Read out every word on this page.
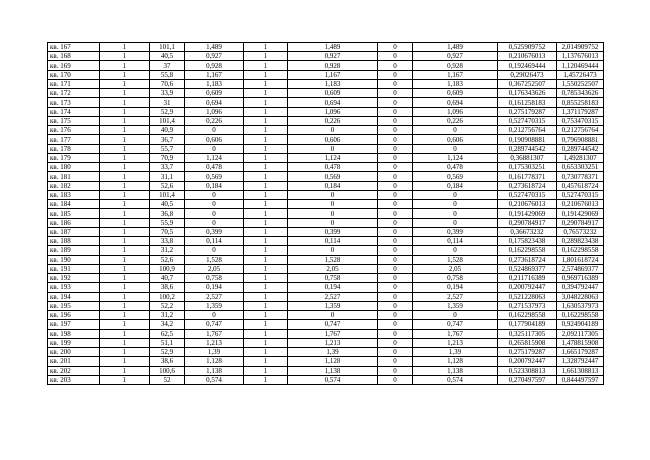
кв. 167	1	101,1	1,489	1	1,489	0	1,489	0,525909752	2,014909752
кв. 168	1	40,5	0,927	1	0,927	0	0,927	0,210676013	1,137676013
кв. 169	1	37	0,928	1	0,928	0	0,928	0,192469444	1,120469444
кв. 170	1	55,8	1,167	1	1,167	0	1,167	0,29026473	1,45726473
кв. 171	1	70,6	1,183	1	1,183	0	1,183	0,367252507	1,550252507
кв. 172	1	33,9	0,609	1	0,609	0	0,609	0,176343626	0,785343626
кв. 173	1	31	0,694	1	0,694	0	0,694	0,161258183	0,855258183
кв. 174	1	52,9	1,096	1	1,096	0	1,096	0,275179287	1,371179287
кв. 175	1	101,4	0,226	1	0,226	0	0,226	0,527470315	0,753470315
кв. 176	1	40,9	0	1	0	0	0	0,212756764	0,212756764
кв. 177	1	36,7	0,606	1	0,606	0	0,606	0,190908881	0,796908881
кв. 178	1	55,7	0	1	0	0	0	0,289744542	0,289744542
кв. 179	1	70,9	1,124	1	1,124	0	1,124	0,36881307	1,49281307
кв. 180	1	33,7	0,478	1	0,478	0	0,478	0,175303251	0,653303251
кв. 181	1	31,1	0,569	1	0,569	0	0,569	0,161778371	0,730778371
кв. 182	1	52,6	0,184	1	0,184	0	0,184	0,273618724	0,457618724
кв. 183	1	101,4	0	1	0	0	0	0,527470315	0,527470315
кв. 184	1	40,5	0	1	0	0	0	0,210676013	0,210676013
кв. 185	1	36,8	0	1	0	0	0	0,191429069	0,191429069
кв. 186	1	55,9	0	1	0	0	0	0,290784917	0,290784917
кв. 187	1	70,5	0,399	1	0,399	0	0,399	0,36673232	0,76573232
кв. 188	1	33,8	0,114	1	0,114	0	0,114	0,175823438	0,289823438
кв. 189	1	31,2	0	1	0	0	0	0,162298558	0,162298558
кв. 190	1	52,6	1,528	1	1,528	0	1,528	0,273618724	1,801618724
кв. 191	1	100,9	2,05	1	2,05	0	2,05	0,524869377	2,574869377
кв. 192	1	40,7	0,758	1	0,758	0	0,758	0,211716389	0,969716389
кв. 193	1	38,6	0,194	1	0,194	0	0,194	0,200792447	0,394792447
кв. 194	1	100,2	2,527	1	2,527	0	2,527	0,521228063	3,048228063
кв. 195	1	52,2	1,359	1	1,359	0	1,359	0,271537973	1,630537973
кв. 196	1	31,2	0	1	0	0	0	0,162298558	0,162298558
кв. 197	1	34,2	0,747	1	0,747	0	0,747	0,177904189	0,924904189
кв. 198	1	62,5	1,767	1	1,767	0	1,767	0,325117305	2,092117305
кв. 199	1	51,1	1,213	1	1,213	0	1,213	0,265815908	1,478815908
кв. 200	1	52,9	1,39	1	1,39	0	1,39	0,275179287	1,665179287
кв. 201	1	38,6	1,128	1	1,128	0	1,128	0,200792447	1,328792447
кв. 202	1	100,6	1,138	1	1,138	0	1,138	0,523308813	1,661308813
кв. 203	1	52	0,574	1	0,574	0	0,574	0,270497597	0,844497597
